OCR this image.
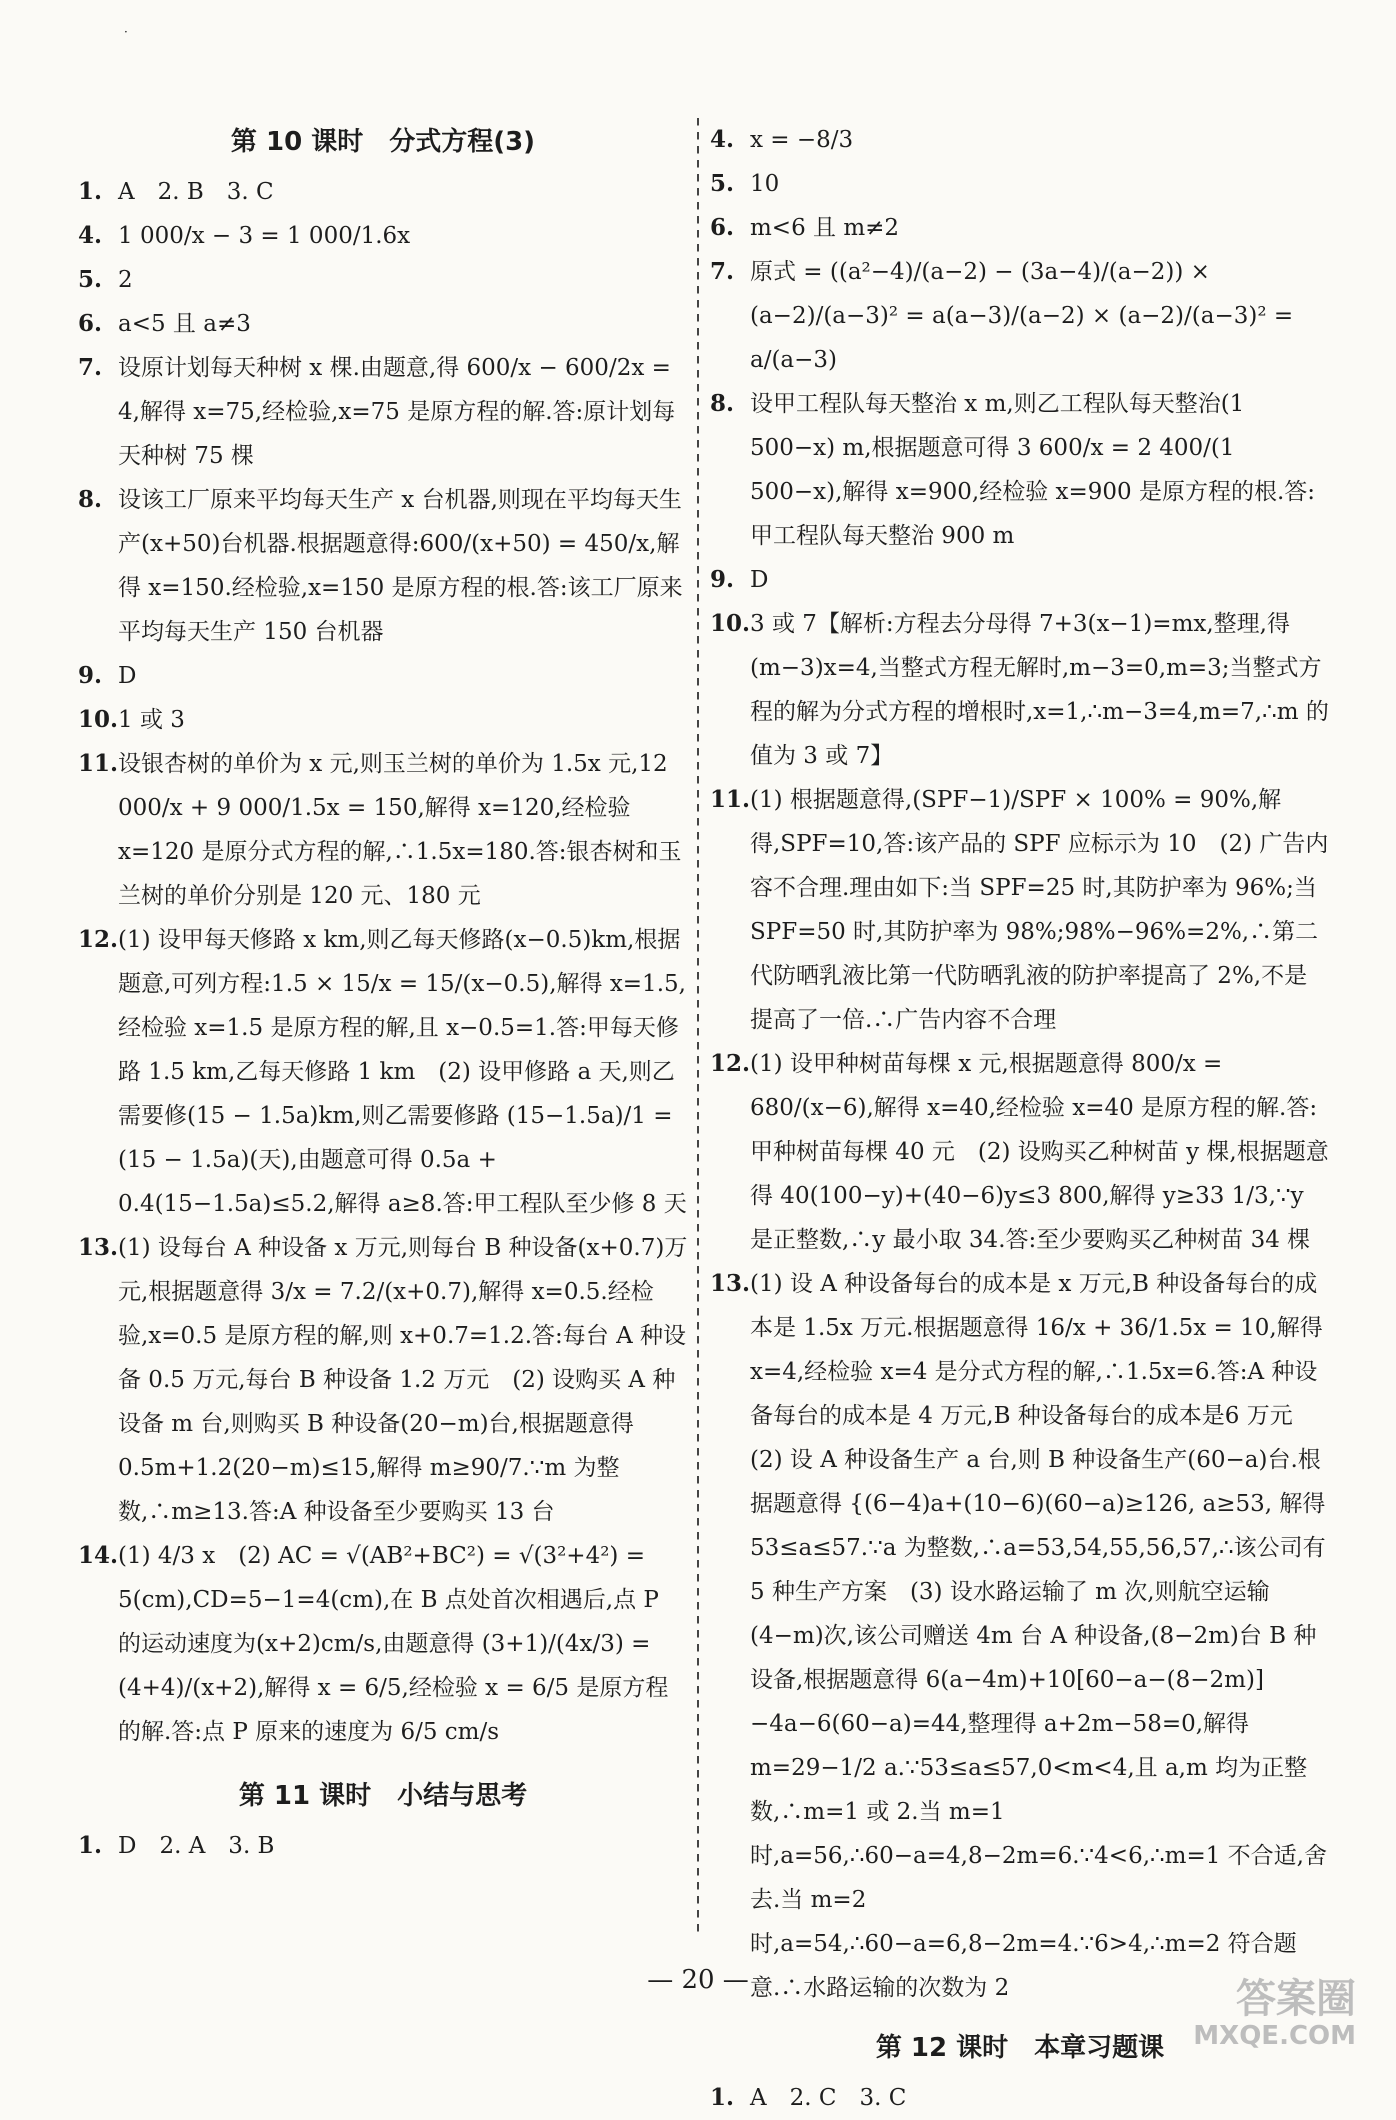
·
第 10 课时　分式方程(3)
1. A　2. B　3. C
4. 1 000/x − 3 = 1 000/1.6x
5. 2
6. a<5 且 a≠3
7. 设原计划每天种树 x 棵.由题意,得 600/x − 600/2x = 4,解得 x=75,经检验,x=75 是原方程的解.答:原计划每天种树 75 棵
8. 设该工厂原来平均每天生产 x 台机器,则现在平均每天生产(x+50)台机器.根据题意得:600/(x+50) = 450/x,解得 x=150.经检验,x=150 是原方程的根.答:该工厂原来平均每天生产 150 台机器
9. D
10. 1 或 3
11. 设银杏树的单价为 x 元,则玉兰树的单价为 1.5x 元,12 000/x + 9 000/1.5x = 150,解得 x=120,经检验 x=120 是原分式方程的解,∴1.5x=180.答:银杏树和玉兰树的单价分别是 120 元、180 元
12. (1) 设甲每天修路 x km,则乙每天修路(x−0.5)km,根据题意,可列方程:1.5 × 15/x = 15/(x−0.5),解得 x=1.5,经检验 x=1.5 是原方程的解,且 x−0.5=1.答:甲每天修路 1.5 km,乙每天修路 1 km　(2) 设甲修路 a 天,则乙需要修(15 − 1.5a)km,则乙需要修路 (15−1.5a)/1 = (15 − 1.5a)(天),由题意可得 0.5a + 0.4(15−1.5a)≤5.2,解得 a≥8.答:甲工程队至少修 8 天
13. (1) 设每台 A 种设备 x 万元,则每台 B 种设备(x+0.7)万元,根据题意得 3/x = 7.2/(x+0.7),解得 x=0.5.经检验,x=0.5 是原方程的解,则 x+0.7=1.2.答:每台 A 种设备 0.5 万元,每台 B 种设备 1.2 万元　(2) 设购买 A 种设备 m 台,则购买 B 种设备(20−m)台,根据题意得0.5m+1.2(20−m)≤15,解得 m≥90/7.∵m 为整数,∴m≥13.答:A 种设备至少要购买 13 台
14. (1) 4/3 x　(2) AC = √(AB²+BC²) = √(3²+4²) = 5(cm),CD=5−1=4(cm),在 B 点处首次相遇后,点 P 的运动速度为(x+2)cm/s,由题意得 (3+1)/(4x/3) = (4+4)/(x+2),解得 x = 6/5,经检验 x = 6/5 是原方程的解.答:点 P 原来的速度为 6/5 cm/s
第 11 课时　小结与思考
1. D　2. A　3. B
4. x = −8/3
5. 10
6. m<6 且 m≠2
7. 原式 = ((a²−4)/(a−2) − (3a−4)/(a−2)) × (a−2)/(a−3)² = a(a−3)/(a−2) × (a−2)/(a−3)² = a/(a−3)
8. 设甲工程队每天整治 x m,则乙工程队每天整治(1 500−x) m,根据题意可得 3 600/x = 2 400/(1 500−x),解得 x=900,经检验 x=900 是原方程的根.答:甲工程队每天整治 900 m
9. D
10. 3 或 7【解析:方程去分母得 7+3(x−1)=mx,整理,得(m−3)x=4,当整式方程无解时,m−3=0,m=3;当整式方程的解为分式方程的增根时,x=1,∴m−3=4,m=7,∴m 的值为 3 或 7】
11. (1) 根据题意得,(SPF−1)/SPF × 100% = 90%,解得,SPF=10,答:该产品的 SPF 应标示为 10　(2) 广告内容不合理.理由如下:当 SPF=25 时,其防护率为 96%;当 SPF=50 时,其防护率为 98%;98%−96%=2%,∴第二代防晒乳液比第一代防晒乳液的防护率提高了 2%,不是提高了一倍.∴广告内容不合理
12. (1) 设甲种树苗每棵 x 元,根据题意得 800/x = 680/(x−6),解得 x=40,经检验 x=40 是原方程的解.答:甲种树苗每棵 40 元　(2) 设购买乙种树苗 y 棵,根据题意得 40(100−y)+(40−6)y≤3 800,解得 y≥33 1/3,∵y 是正整数,∴y 最小取 34.答:至少要购买乙种树苗 34 棵
13. (1) 设 A 种设备每台的成本是 x 万元,B 种设备每台的成本是 1.5x 万元.根据题意得 16/x + 36/1.5x = 10,解得 x=4,经检验 x=4 是分式方程的解,∴1.5x=6.答:A 种设备每台的成本是 4 万元,B 种设备每台的成本是6 万元　(2) 设 A 种设备生产 a 台,则 B 种设备生产(60−a)台.根据题意得 {(6−4)a+(10−6)(60−a)≥126, a≥53, 解得 53≤a≤57.∵a 为整数,∴a=53,54,55,56,57,∴该公司有 5 种生产方案　(3) 设水路运输了 m 次,则航空运输(4−m)次,该公司赠送 4m 台 A 种设备,(8−2m)台 B 种设备,根据题意得 6(a−4m)+10[60−a−(8−2m)]−4a−6(60−a)=44,整理得 a+2m−58=0,解得m=29−1/2 a.∵53≤a≤57,0<m<4,且 a,m 均为正整数,∴m=1 或 2.当 m=1 时,a=56,∴60−a=4,8−2m=6.∵4<6,∴m=1 不合适,舍去.当 m=2 时,a=54,∴60−a=6,8−2m=4.∵6>4,∴m=2 符合题意.∴水路运输的次数为 2
第 12 课时　本章习题课
1. A　2. C　3. C
— 20 —	答案圈
MXQE.COM
